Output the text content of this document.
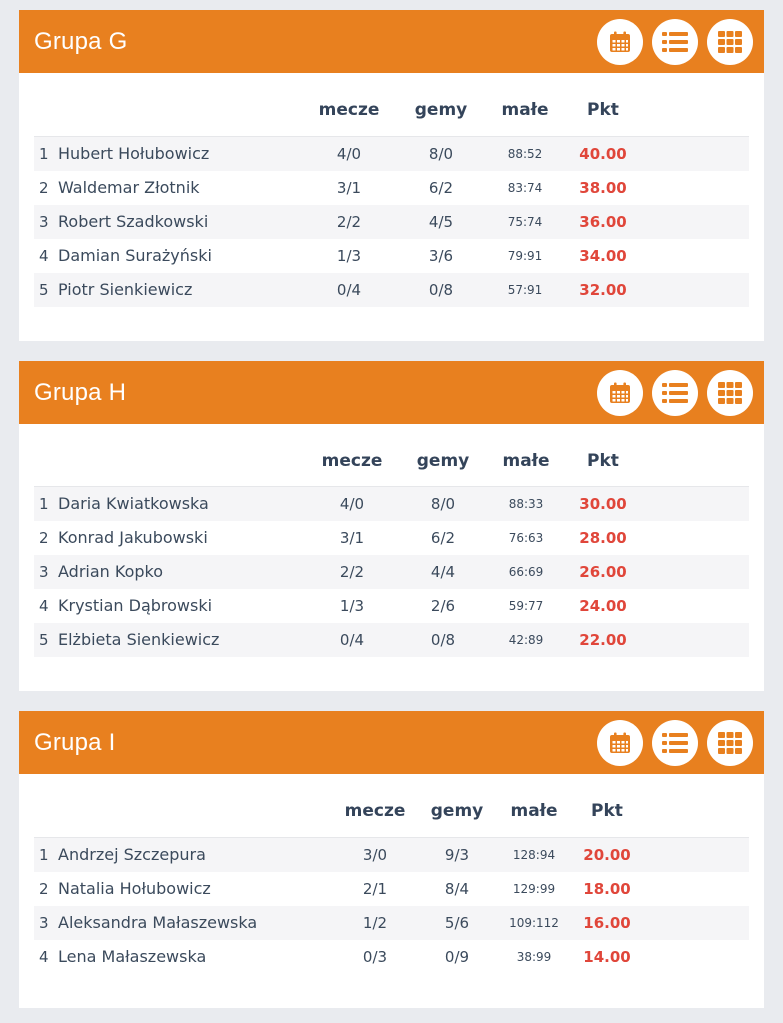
Grupa G
mecze gemy małe Pkt
1 Hubert Hołubowicz	4/0	8/0	88:52 40.00
2 Waldemar Złotnik	3/1	6/2	83:74 38.00
3 Robert Szadkowski	2/2	4/5	75:74 36.00
4 Damian Surażyński	1/3	3/6	79:91 34.00
5 Piotr Sienkiewicz	0/4	0/8	57:91 32.00
Grupa H
mecze gemy małe Pkt
1 Daria Kwiatkowska	4/0	8/0	88:33 30.00
2 Konrad Jakubowski	3/1	6/2	76:63 28.00
3 Adrian Kopko	2/2	4/4	66:69 26.00
4 Krystian Dąbrowski	1/3	2/6	59:77 24.00
5 Elżbieta Sienkiewicz	0/4	0/8	42:89 22.00
Grupa I
mecze gemy małe Pkt
1 Andrzej Szczepura	3/0	9/3	128:94 20.00
2 Natalia Hołubowicz	2/1	8/4	129:99 18.00
3 Aleksandra Małaszewska	1/2	5/6	109:112 16.00
4 Lena Małaszewska	0/3	0/9	38:99 14.00
